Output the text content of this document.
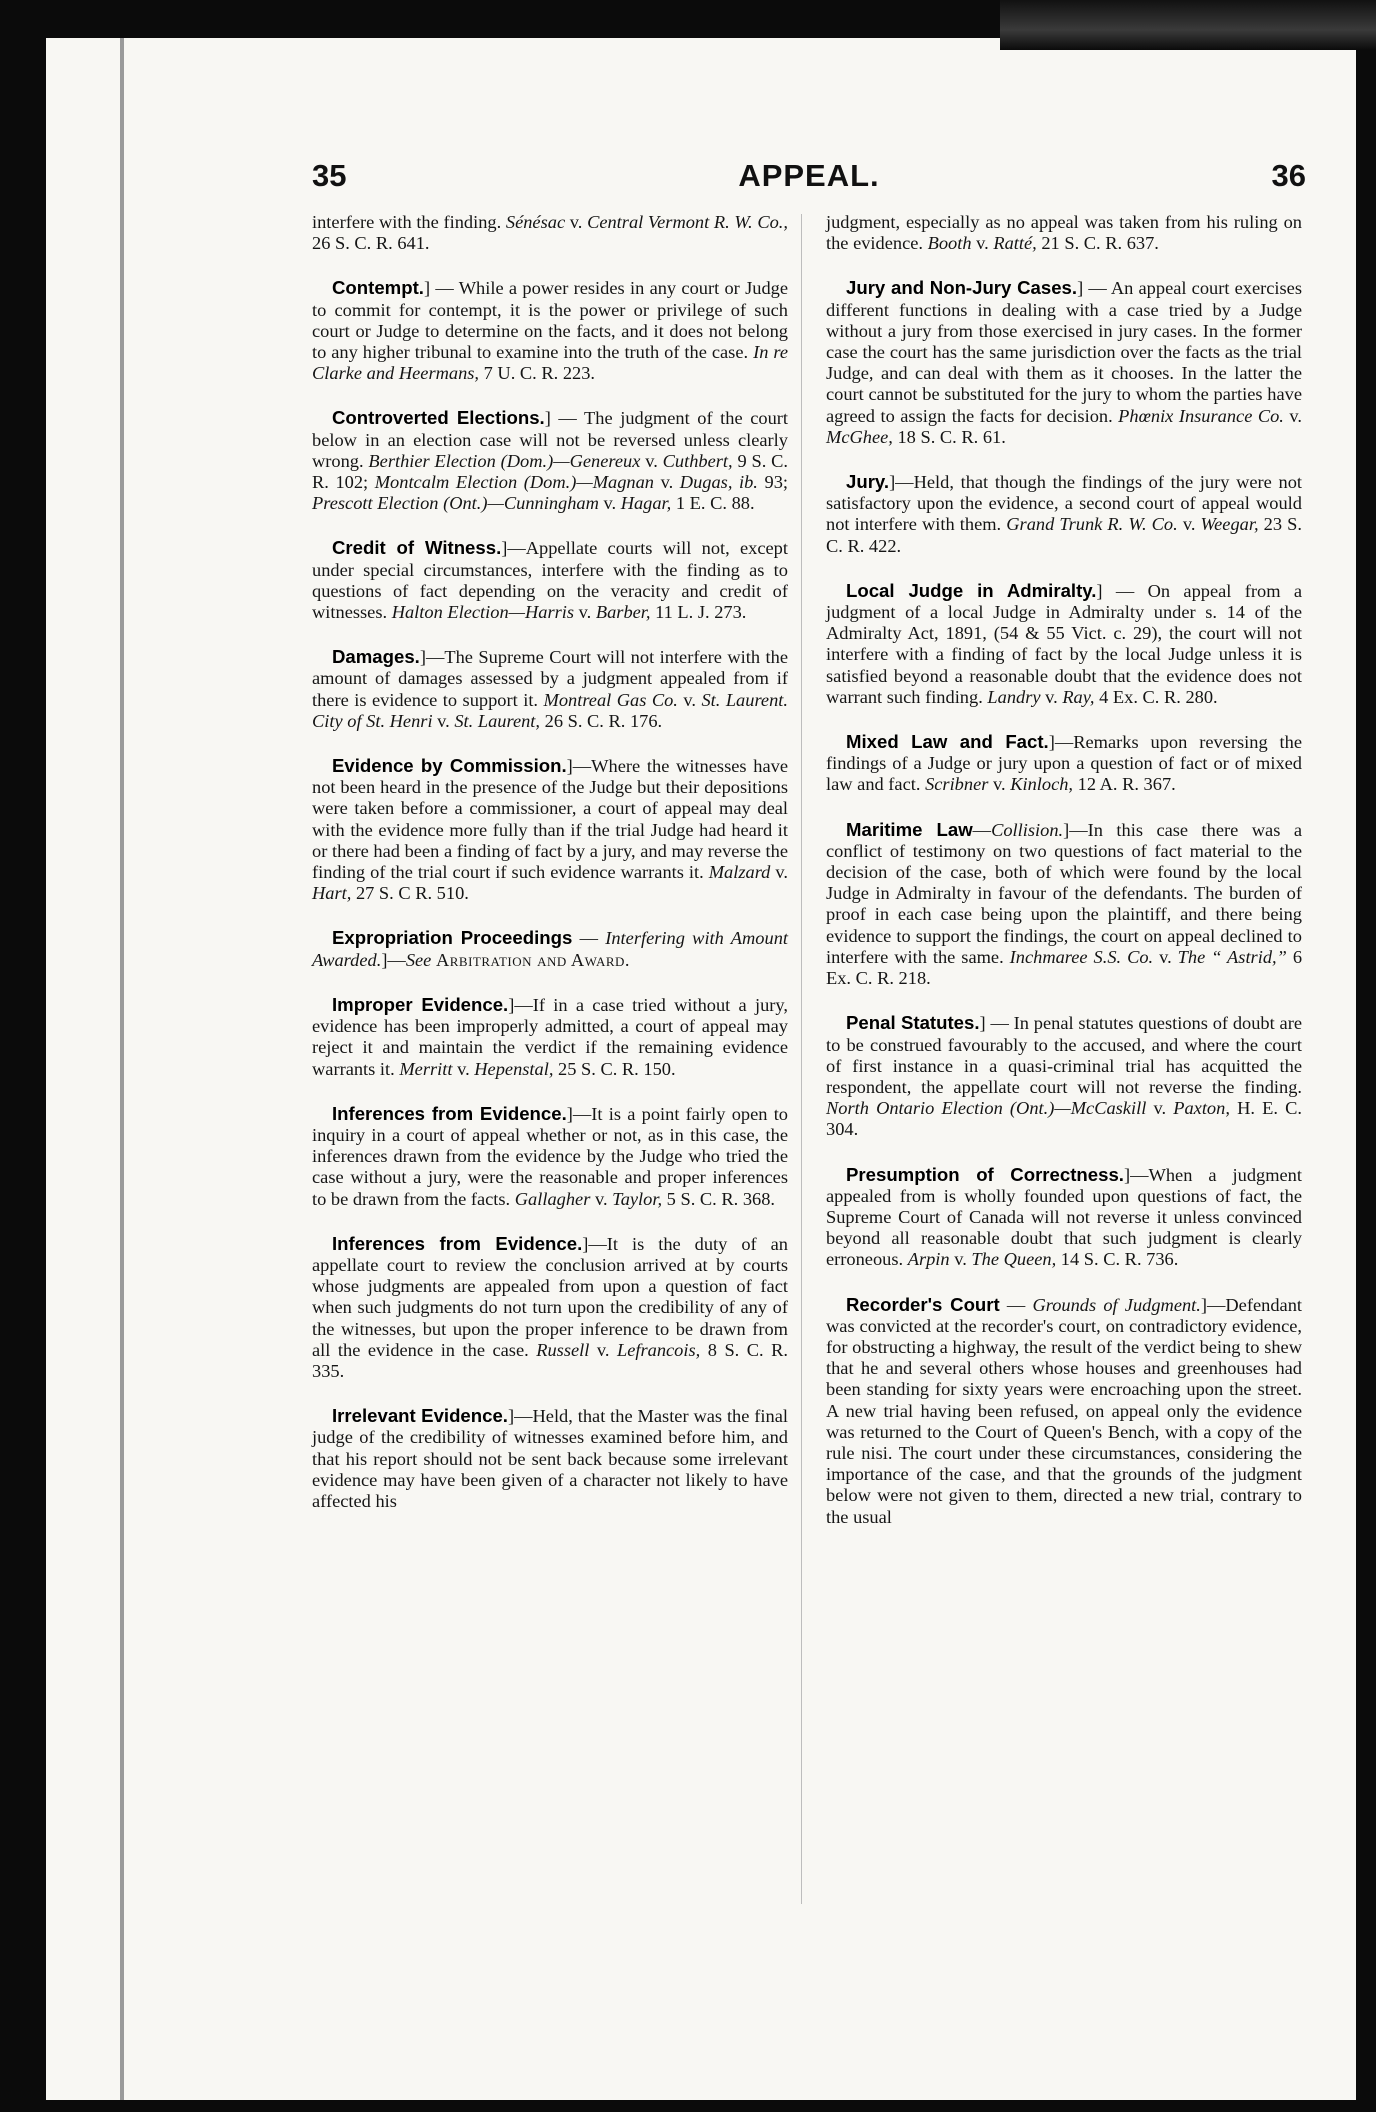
35	APPEAL.	36

interfere with the finding. Sénésac v. Central Vermont R. W. Co., 26 S. C. R. 641.

Contempt.] — While a power resides in any court or Judge to commit for contempt, it is the power or privilege of such court or Judge to determine on the facts, and it does not belong to any higher tribunal to examine into the truth of the case. In re Clarke and Heermans, 7 U. C. R. 223.

Controverted Elections.] — The judgment of the court below in an election case will not be reversed unless clearly wrong. Berthier Election (Dom.)—Genereux v. Cuthbert, 9 S. C. R. 102; Montcalm Election (Dom.)—Magnan v. Dugas, ib. 93; Prescott Election (Ont.)—Cunningham v. Hagar, 1 E. C. 88.

Credit of Witness.]—Appellate courts will not, except under special circumstances, interfere with the finding as to questions of fact depending on the veracity and credit of witnesses. Halton Election—Harris v. Barber, 11 L. J. 273.

Damages.]—The Supreme Court will not interfere with the amount of damages assessed by a judgment appealed from if there is evidence to support it. Montreal Gas Co. v. St. Laurent. City of St. Henri v. St. Laurent, 26 S. C. R. 176.

Evidence by Commission.]—Where the witnesses have not been heard in the presence of the Judge but their depositions were taken before a commissioner, a court of appeal may deal with the evidence more fully than if the trial Judge had heard it or there had been a finding of fact by a jury, and may reverse the finding of the trial court if such evidence warrants it. Malzard v. Hart, 27 S. C R. 510.

Expropriation Proceedings — Interfering with Amount Awarded.]—See Arbitration and Award.

Improper Evidence.]—If in a case tried without a jury, evidence has been improperly admitted, a court of appeal may reject it and maintain the verdict if the remaining evidence warrants it. Merritt v. Hepenstal, 25 S. C. R. 150.

Inferences from Evidence.]—It is a point fairly open to inquiry in a court of appeal whether or not, as in this case, the inferences drawn from the evidence by the Judge who tried the case without a jury, were the reasonable and proper inferences to be drawn from the facts. Gallagher v. Taylor, 5 S. C. R. 368.

Inferences from Evidence.]—It is the duty of an appellate court to review the conclusion arrived at by courts whose judgments are appealed from upon a question of fact when such judgments do not turn upon the credibility of any of the witnesses, but upon the proper inference to be drawn from all the evidence in the case. Russell v. Lefrancois, 8 S. C. R. 335.

Irrelevant Evidence.]—Held, that the Master was the final judge of the credibility of witnesses examined before him, and that his report should not be sent back because some irrelevant evidence may have been given of a character not likely to have affected his

judgment, especially as no appeal was taken from his ruling on the evidence. Booth v. Ratté, 21 S. C. R. 637.

Jury and Non-Jury Cases.] — An appeal court exercises different functions in dealing with a case tried by a Judge without a jury from those exercised in jury cases. In the former case the court has the same jurisdiction over the facts as the trial Judge, and can deal with them as it chooses. In the latter the court cannot be substituted for the jury to whom the parties have agreed to assign the facts for decision. Phœnix Insurance Co. v. McGhee, 18 S. C. R. 61.

Jury.]—Held, that though the findings of the jury were not satisfactory upon the evidence, a second court of appeal would not interfere with them. Grand Trunk R. W. Co. v. Weegar, 23 S. C. R. 422.

Local Judge in Admiralty.] — On appeal from a judgment of a local Judge in Admiralty under s. 14 of the Admiralty Act, 1891, (54 & 55 Vict. c. 29), the court will not interfere with a finding of fact by the local Judge unless it is satisfied beyond a reasonable doubt that the evidence does not warrant such finding. Landry v. Ray, 4 Ex. C. R. 280.

Mixed Law and Fact.]—Remarks upon reversing the findings of a Judge or jury upon a question of fact or of mixed law and fact. Scribner v. Kinloch, 12 A. R. 367.

Maritime Law—Collision.]—In this case there was a conflict of testimony on two questions of fact material to the decision of the case, both of which were found by the local Judge in Admiralty in favour of the defendants. The burden of proof in each case being upon the plaintiff, and there being evidence to support the findings, the court on appeal declined to interfere with the same. Inchmaree S.S. Co. v. The “ Astrid,” 6 Ex. C. R. 218.

Penal Statutes.] — In penal statutes questions of doubt are to be construed favourably to the accused, and where the court of first instance in a quasi-criminal trial has acquitted the respondent, the appellate court will not reverse the finding. North Ontario Election (Ont.)—McCaskill v. Paxton, H. E. C. 304.

Presumption of Correctness.]—When a judgment appealed from is wholly founded upon questions of fact, the Supreme Court of Canada will not reverse it unless convinced beyond all reasonable doubt that such judgment is clearly erroneous. Arpin v. The Queen, 14 S. C. R. 736.

Recorder's Court — Grounds of Judgment.]—Defendant was convicted at the recorder's court, on contradictory evidence, for obstructing a highway, the result of the verdict being to shew that he and several others whose houses and greenhouses had been standing for sixty years were encroaching upon the street. A new trial having been refused, on appeal only the evidence was returned to the Court of Queen's Bench, with a copy of the rule nisi. The court under these circumstances, considering the importance of the case, and that the grounds of the judgment below were not given to them, directed a new trial, contrary to the usual
